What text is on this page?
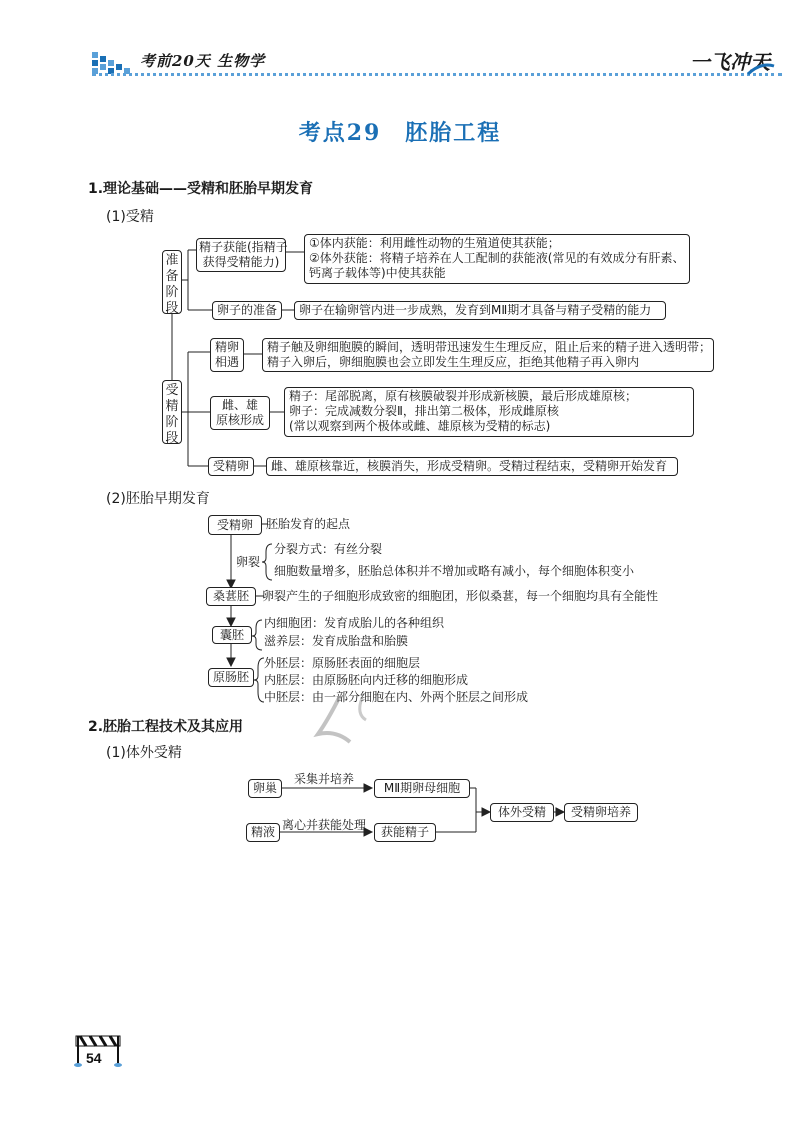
考前20天 生物学	一飞冲天
考点29　胚胎工程
1.理论基础——受精和胚胎早期发育
(1)受精
准备阶段
精子获能(指精子
获得受精能力)
①体内获能：利用雌性动物的生殖道使其获能；
②体外获能：将精子培养在人工配制的获能液(常见的有效成分有肝素、
钙离子载体等)中使其获能
卵子的准备	卵子在输卵管内进一步成熟，发育到MⅡ期才具备与精子受精的能力
受精阶段
精卵
相遇
精子触及卵细胞膜的瞬间，透明带迅速发生生理反应，阻止后来的精子进入透明带；
精子入卵后，卵细胞膜也会立即发生生理反应，拒绝其他精子再入卵内
雌、雄
原核形成
精子：尾部脱离，原有核膜破裂并形成新核膜，最后形成雄原核；
卵子：完成减数分裂Ⅱ，排出第二极体，形成雌原核
(常以观察到两个极体或雌、雄原核为受精的标志)
受精卵	雌、雄原核靠近，核膜消失，形成受精卵。受精过程结束，受精卵开始发育
(2)胚胎早期发育
受精卵	胚胎发育的起点
卵裂
分裂方式：有丝分裂
细胞数量增多，胚胎总体积并不增加或略有减小，每个细胞体积变小
桑葚胚	卵裂产生的子细胞形成致密的细胞团，形似桑葚，每一个细胞均具有全能性
囊胚
内细胞团：发育成胎儿的各种组织
滋养层：发育成胎盘和胎膜
原肠胚
外胚层：原肠胚表面的细胞层
内胚层：由原肠胚向内迁移的细胞形成
中胚层：由一部分细胞在内、外两个胚层之间形成
2.胚胎工程技术及其应用
(1)体外受精
卵巢
采集并培养
MⅡ期卵母细胞
精液 离心并获能处理	获能精子
体外受精	受精卵培养
54
